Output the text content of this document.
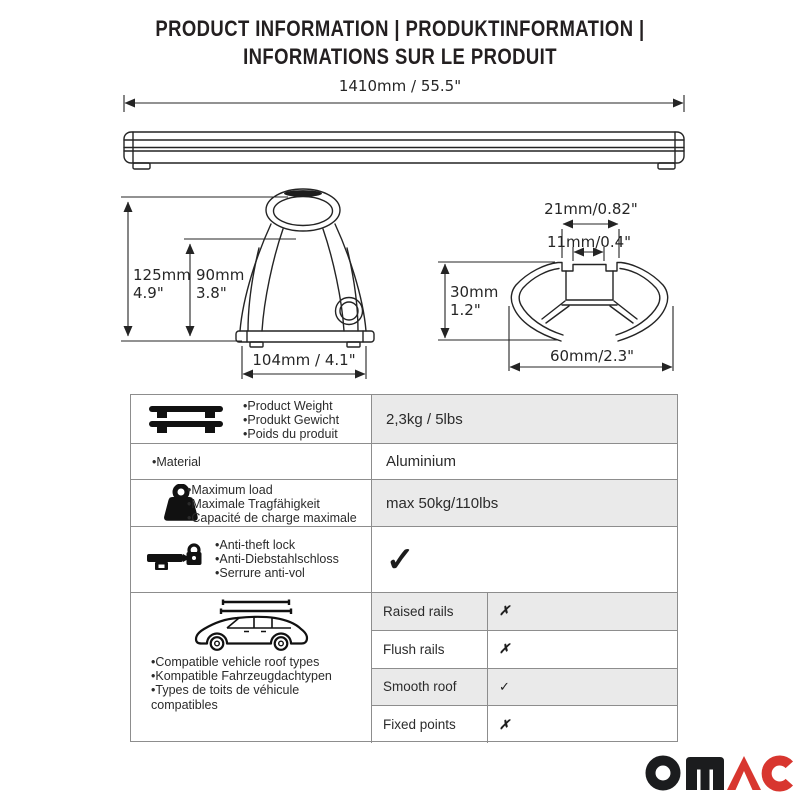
PRODUCT INFORMATION | PRODUKTINFORMATION |
INFORMATIONS SUR LE PRODUIT
1410mm / 55.5"
125mm
4.9"
90mm
3.8"
104mm / 4.1"
21mm/0.82"
11mm/0.4"
30mm
1.2"
60mm/2.3"
•Product Weight
•Produkt Gewicht
•Poids du produit
2,3kg / 5lbs
•Material	Aluminium
•Maximum load
•Maximale Tragfähigkeit
•Capacité de charge maximale
max 50kg/110lbs
•Anti-theft lock
•Anti-Diebstahlschloss
•Serrure anti-vol	✓
•Compatible vehicle roof types
•Kompatible Fahrzeugdachtypen
•Types de toits de véhicule compatibles
Raised rails	✗
Flush rails	✗
Smooth roof	✓
Fixed points	✗
